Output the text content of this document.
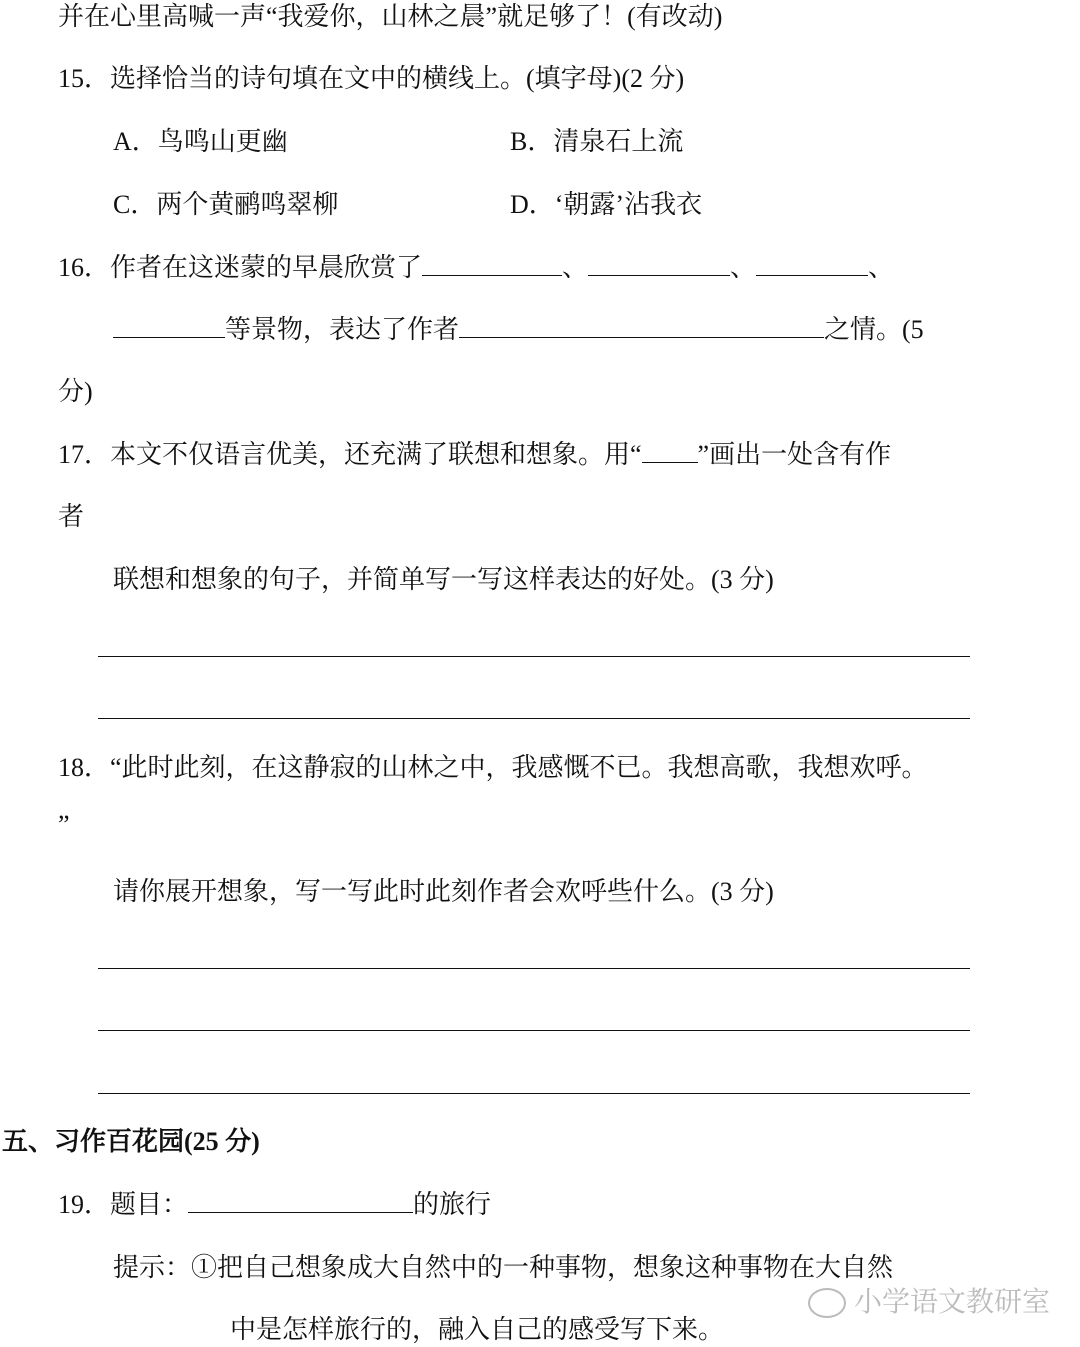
并在心里高喊一声“我爱你，山林之晨”就足够了！(有改动)
15．选择恰当的诗句填在文中的横线上。(填字母)(2 分)
A．鸟鸣山更幽	B．清泉石上流
C．两个黄鹂鸣翠柳	D．‘朝露’沾我衣
16．作者在这迷蒙的早晨欣赏了	、	、	、
等景物，表达了作者	之情。(5
分)
17．本文不仅语言优美，还充满了联想和想象。用“ ”画出一处含有作
者
联想和想象的句子，并简单写一写这样表达的好处。(3 分)
18．“此时此刻，在这静寂的山林之中，我感慨不已。我想高歌，我想欢呼。
”
请你展开想象，写一写此时此刻作者会欢呼些什么。(3 分)
五、习作百花园(25 分)
19．题目：	的旅行
提示：①把自己想象成大自然中的一种事物，想象这种事物在大自然
中是怎样旅行的，融入自己的感受写下来。
小学语文教研室
